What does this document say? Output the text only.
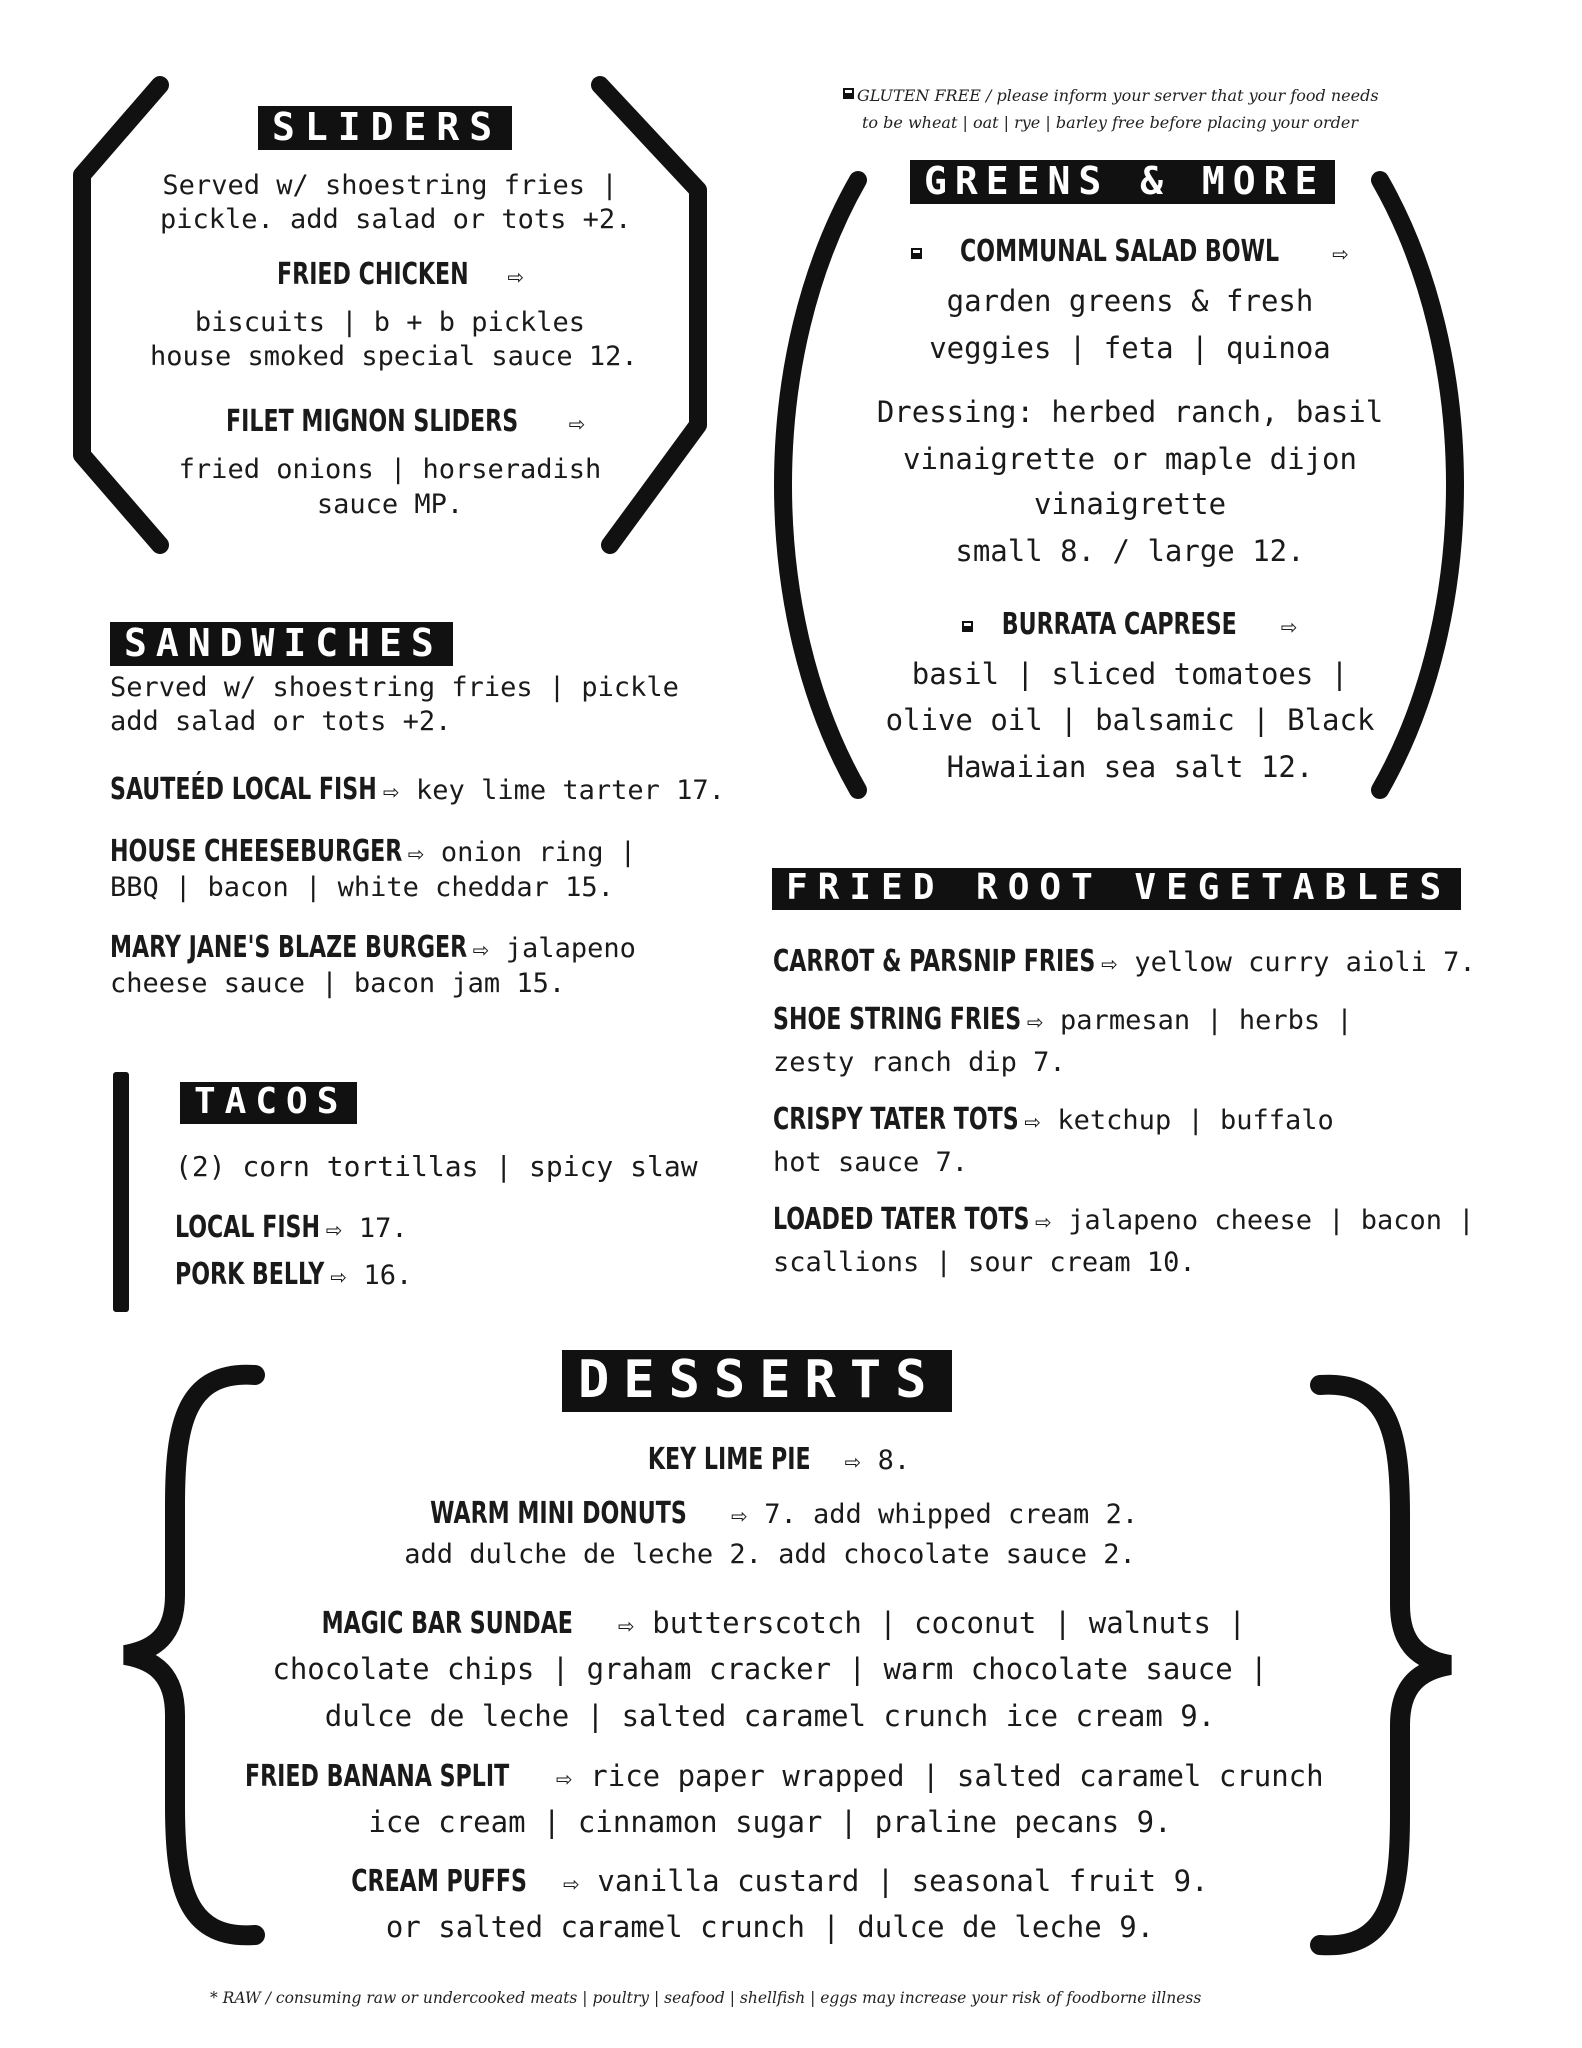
GLUTEN FREE / please inform your server that your food needs
to be wheat | oat | rye | barley free before placing your order
SLIDERS
Served w/ shoestring fries |
pickle. add salad or tots +2.
FRIED CHICKEN ⇨
biscuits | b + b pickles
house smoked special sauce 12.
FILET MIGNON SLIDERS	⇨
fried onions | horseradish
sauce MP.
GREENS & MORE
COMMUNAL SALAD BOWL	⇨
garden greens & fresh
veggies | feta | quinoa
Dressing: herbed ranch, basil
vinaigrette or maple dijon
vinaigrette
small 8. / large 12.
BURRATA CAPRESE ⇨
basil | sliced tomatoes |
olive oil | balsamic | Black
Hawaiian sea salt 12.
SANDWICHES
Served w/ shoestring fries | pickle
add salad or tots +2.
SAUTEÉD LOCAL FISH ⇨ key lime tarter 17.
HOUSE CHEESEBURGER ⇨ onion ring |
BBQ | bacon | white cheddar 15.
MARY JANE'S BLAZE BURGER ⇨ jalapeno
cheese sauce | bacon jam 15.
FRIED ROOT VEGETABLES
CARROT & PARSNIP FRIES ⇨ yellow curry aioli 7.
SHOE STRING FRIES ⇨ parmesan | herbs |
zesty ranch dip 7.
CRISPY TATER TOTS ⇨ ketchup | buffalo
hot sauce 7.
LOADED TATER TOTS ⇨ jalapeno cheese | bacon |
scallions | sour cream 10.
TACOS
(2) corn tortillas | spicy slaw
LOCAL FISH ⇨ 17.
PORK BELLY ⇨ 16.
DESSERTS
KEY LIME PIE ⇨ 8.
WARM MINI DONUTS ⇨ 7. add whipped cream 2.
add dulche de leche 2. add chocolate sauce 2.
MAGIC BAR SUNDAE ⇨ butterscotch | coconut | walnuts |
chocolate chips | graham cracker | warm chocolate sauce |
dulce de leche | salted caramel crunch ice cream 9.
FRIED BANANA SPLIT ⇨ rice paper wrapped | salted caramel crunch
ice cream | cinnamon sugar | praline pecans 9.
CREAM PUFFS ⇨ vanilla custard | seasonal fruit 9.
or salted caramel crunch | dulce de leche 9.
* RAW / consuming raw or undercooked meats | poultry | seafood | shellfish | eggs may increase your risk of foodborne illness
